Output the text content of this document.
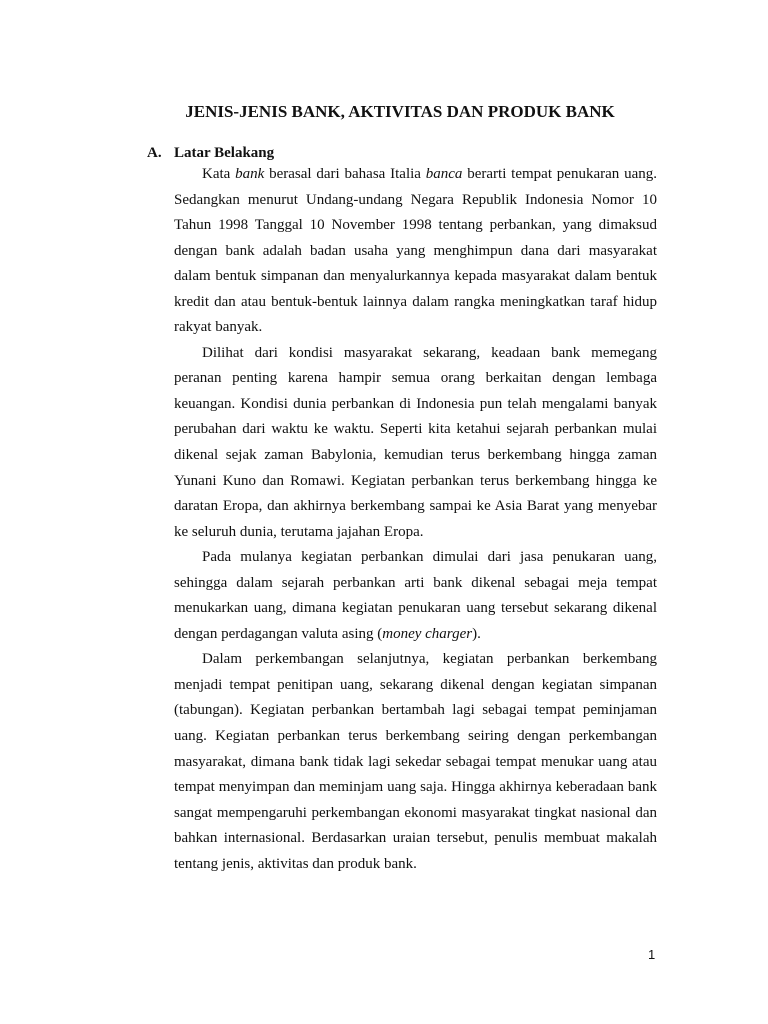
JENIS-JENIS BANK, AKTIVITAS DAN PRODUK BANK
A. Latar Belakang

Kata bank berasal dari bahasa Italia banca berarti tempat penukaran uang. Sedangkan menurut Undang-undang Negara Republik Indonesia Nomor 10 Tahun 1998 Tanggal 10 November 1998 tentang perbankan, yang dimaksud dengan bank adalah badan usaha yang menghimpun dana dari masyarakat dalam bentuk simpanan dan menyalurkannya kepada masyarakat dalam bentuk kredit dan atau bentuk-bentuk lainnya dalam rangka meningkatkan taraf hidup rakyat banyak.

Dilihat dari kondisi masyarakat sekarang, keadaan bank memegang peranan penting karena hampir semua orang berkaitan dengan lembaga keuangan. Kondisi dunia perbankan di Indonesia pun telah mengalami banyak perubahan dari waktu ke waktu. Seperti kita ketahui sejarah perbankan mulai dikenal sejak zaman Babylonia, kemudian terus berkembang hingga zaman Yunani Kuno dan Romawi. Kegiatan perbankan terus berkembang hingga ke daratan Eropa, dan akhirnya berkembang sampai ke Asia Barat yang menyebar ke seluruh dunia, terutama jajahan Eropa.

Pada mulanya kegiatan perbankan dimulai dari jasa penukaran uang, sehingga dalam sejarah perbankan arti bank dikenal sebagai meja tempat menukarkan uang, dimana kegiatan penukaran uang tersebut sekarang dikenal dengan perdagangan valuta asing (money charger).

Dalam perkembangan selanjutnya, kegiatan perbankan berkembang menjadi tempat penitipan uang, sekarang dikenal dengan kegiatan simpanan (tabungan). Kegiatan perbankan bertambah lagi sebagai tempat peminjaman uang. Kegiatan perbankan terus berkembang seiring dengan perkembangan masyarakat, dimana bank tidak lagi sekedar sebagai tempat menukar uang atau tempat menyimpan dan meminjam uang saja. Hingga akhirnya keberadaan bank sangat mempengaruhi perkembangan ekonomi masyarakat tingkat nasional dan bahkan internasional. Berdasarkan uraian tersebut, penulis membuat makalah tentang jenis, aktivitas dan produk bank.

1
